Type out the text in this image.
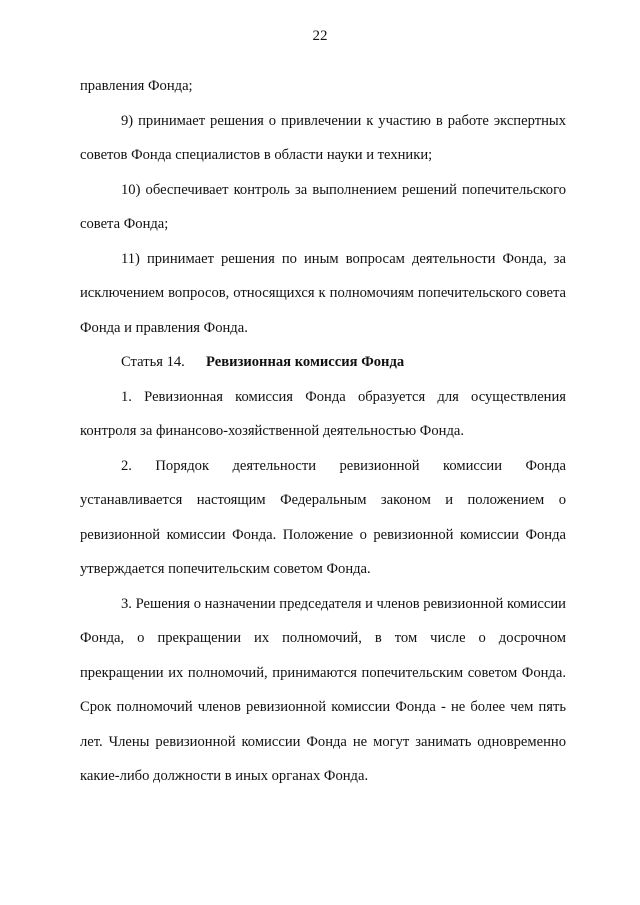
22

правления Фонда;

9) принимает решения о привлечении к участию в работе экспертных советов Фонда специалистов в области науки и техники;

10) обеспечивает контроль за выполнением решений попечительского совета Фонда;

11) принимает решения по иным вопросам деятельности Фонда, за исключением вопросов, относящихся к полномочиям попечительского совета Фонда и правления Фонда.

Статья 14. Ревизионная комиссия Фонда

1. Ревизионная комиссия Фонда образуется для осуществления контроля за финансово-хозяйственной деятельностью Фонда.

2. Порядок деятельности ревизионной комиссии Фонда устанавливается настоящим Федеральным законом и положением о ревизионной комиссии Фонда. Положение о ревизионной комиссии Фонда утверждается попечительским советом Фонда.

3. Решения о назначении председателя и членов ревизионной комиссии Фонда, о прекращении их полномочий, в том числе о досрочном прекращении их полномочий, принимаются попечительским советом Фонда. Срок полномочий членов ревизионной комиссии Фонда - не более чем пять лет. Члены ревизионной комиссии Фонда не могут занимать одновременно какие-либо должности в иных органах Фонда.
